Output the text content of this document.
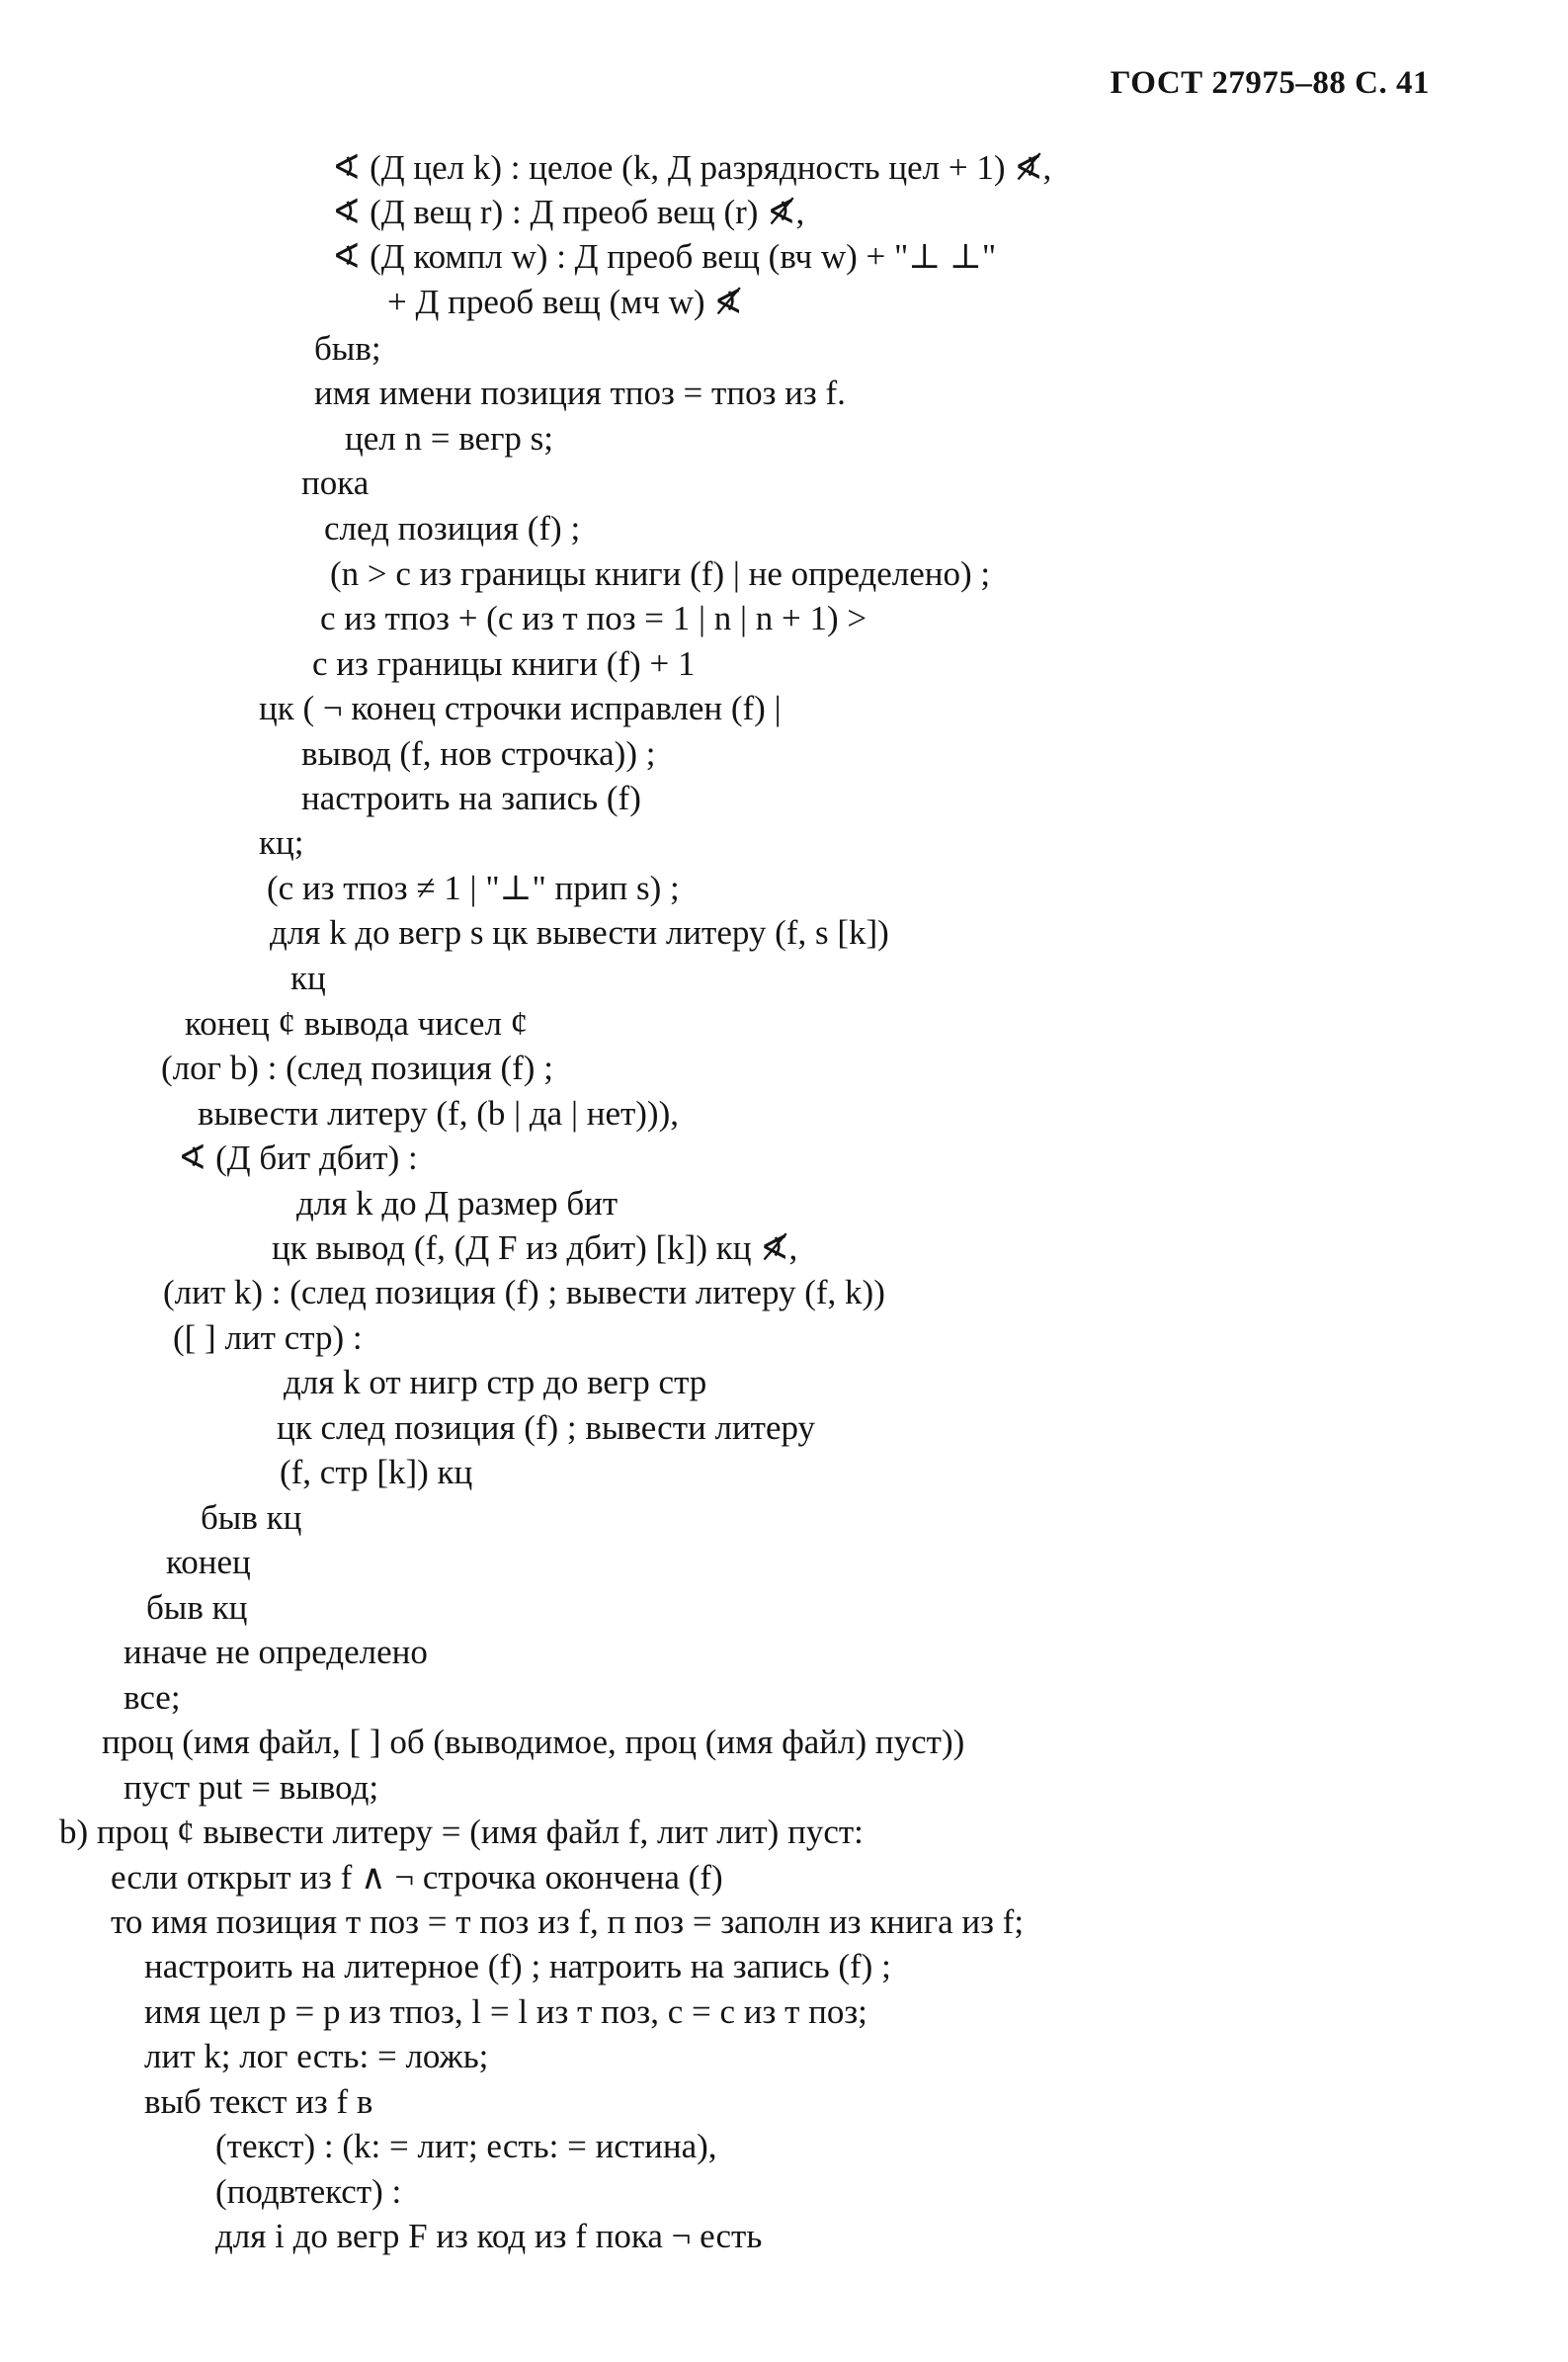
ГОСТ 27975–88 С. 41
∢ (Д цел k) : целое (k, Д разрядность цел + 1) ∢̸,
∢ (Д вещ r) : Д преоб вещ (r) ∢̸,
∢ (Д компл w) : Д преоб вещ (вч w) + "⊥ ⊥"
+ Д преоб вещ (мч w) ∢̸
быв;
имя имени позиция тпоз = тпоз из f.
цел n = вегр s;
пока
след позиция (f) ;
(n > с из границы книги (f) | не определено) ;
с из тпоз + (с из т поз = 1 | n | n + 1) >
с из границы книги (f) + 1
цк ( ¬ конец строчки исправлен (f) |
вывод (f, нов строчка)) ;
настроить на запись (f)
кц;
(с из тпоз ≠ 1 | "⊥" прип s) ;
для k до вегр s цк вывести литеру (f, s [k])
кц
конец ¢ вывода чисел ¢
(лог b) : (след позиция (f) ;
вывести литеру (f, (b | да | нет))),
∢ (Д бит дбит) :
для k до Д размер бит
цк вывод (f, (Д F из дбит) [k]) кц ∢̸,
(лит k) : (след позиция (f) ; вывести литеру (f, k))
([ ] лит стр) :
для k от нигр стр до вегр стр
цк след позиция (f) ; вывести литеру
(f, стр [k]) кц
быв кц
конец
быв кц
иначе не определено
все;
проц (имя файл, [ ] об (выводимое, проц (имя файл) пуст))
пуст put = вывод;
b) проц ¢ вывести литеру = (имя файл f, лит лит) пуст:
если открыт из f ∧ ¬ строчка окончена (f)
то имя позиция т поз = т поз из f, п поз = заполн из книга из f;
настроить на литерное (f) ; натроить на запись (f) ;
имя цел р = р из тпоз, l = l из т поз, с = с из т поз;
лит k; лог есть: = ложь;
выб текст из f в
(текст) : (k: = лит; есть: = истина),
(подвтекст) :
для i до вегр F из код из f пока ¬ есть
